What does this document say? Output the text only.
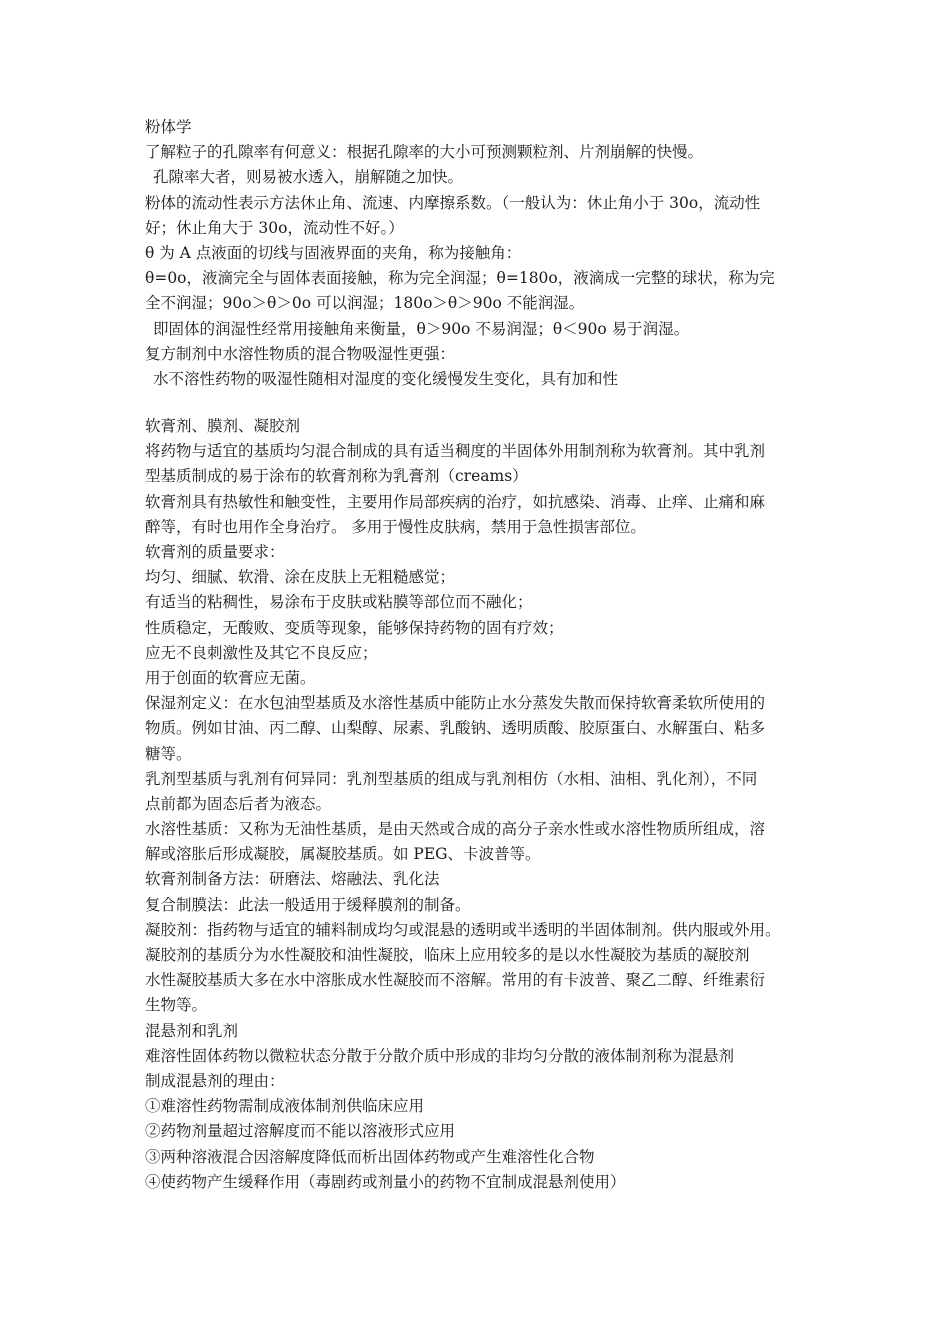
粉体学
了解粒子的孔隙率有何意义：根据孔隙率的大小可预测颗粒剂、片剂崩解的快慢。
孔隙率大者，则易被水透入，崩解随之加快。
粉体的流动性表示方法休止角、流速、内摩擦系数。（一般认为：休止角小于 30o，流动性
好；休止角大于 30o，流动性不好。）
θ 为 A 点液面的切线与固液界面的夹角，称为接触角：
θ=0o，液滴完全与固体表面接触，称为完全润湿；θ=180o，液滴成一完整的球状，称为完
全不润湿；90o＞θ＞0o 可以润湿；180o＞θ＞90o 不能润湿。
即固体的润湿性经常用接触角来衡量，θ＞90o 不易润湿；θ＜90o 易于润湿。
复方制剂中水溶性物质的混合物吸湿性更强：
水不溶性药物的吸湿性随相对湿度的变化缓慢发生变化，具有加和性
软膏剂、膜剂、凝胶剂
将药物与适宜的基质均匀混合制成的具有适当稠度的半固体外用制剂称为软膏剂。其中乳剂
型基质制成的易于涂布的软膏剂称为乳膏剂（creams）
软膏剂具有热敏性和触变性，主要用作局部疾病的治疗，如抗感染、消毒、止痒、止痛和麻
醉等，有时也用作全身治疗。 多用于慢性皮肤病，禁用于急性损害部位。
软膏剂的质量要求：
均匀、细腻、软滑、涂在皮肤上无粗糙感觉；
有适当的粘稠性，易涂布于皮肤或粘膜等部位而不融化；
性质稳定，无酸败、变质等现象，能够保持药物的固有疗效；
应无不良刺激性及其它不良反应；
用于创面的软膏应无菌。
保湿剂定义：在水包油型基质及水溶性基质中能防止水分蒸发失散而保持软膏柔软所使用的
物质。例如甘油、丙二醇、山梨醇、尿素、乳酸钠、透明质酸、胶原蛋白、水解蛋白、粘多
糖等。
乳剂型基质与乳剂有何异同：乳剂型基质的组成与乳剂相仿（水相、油相、乳化剂），不同
点前都为固态后者为液态。
水溶性基质：又称为无油性基质，是由天然或合成的高分子亲水性或水溶性物质所组成，溶
解或溶胀后形成凝胶，属凝胶基质。如 PEG、卡波普等。
软膏剂制备方法：研磨法、熔融法、乳化法
复合制膜法：此法一般适用于缓释膜剂的制备。
凝胶剂：指药物与适宜的辅料制成均匀或混悬的透明或半透明的半固体制剂。供内服或外用。
凝胶剂的基质分为水性凝胶和油性凝胶，临床上应用较多的是以水性凝胶为基质的凝胶剂
水性凝胶基质大多在水中溶胀成水性凝胶而不溶解。常用的有卡波普、聚乙二醇、纤维素衍
生物等。
混悬剂和乳剂
难溶性固体药物以微粒状态分散于分散介质中形成的非均匀分散的液体制剂称为混悬剂
制成混悬剂的理由：
①难溶性药物需制成液体制剂供临床应用
②药物剂量超过溶解度而不能以溶液形式应用
③两种溶液混合因溶解度降低而析出固体药物或产生难溶性化合物
④使药物产生缓释作用（毒剧药或剂量小的药物不宜制成混悬剂使用）
